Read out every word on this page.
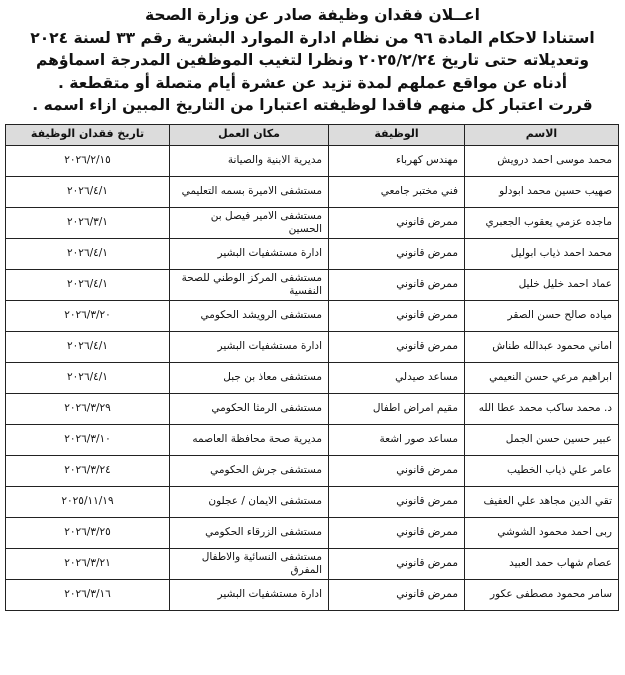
اعــلان فقدان وظيفة صادر عن وزارة الصحة
استنادا لاحكام المادة ٩٦ من نظام ادارة الموارد البشرية رقم ٣٣ لسنة ٢٠٢٤
وتعديلاته حتى تاريخ ٢٠٢٥/٢/٢٤ ونظرا لتغيب الموظفين المدرجة اسماؤهم
أدناه عن مواقع عملهم لمدة تزيد عن عشرة أيام متصلة أو متقطعة .
قررت اعتبار كل منهم فاقدا لوظيفته اعتبارا من التاريخ المبين ازاء اسمه .
الاسم	الوظيفة	مكان العمل	تاريخ فقدان الوظيفة
محمد موسى احمد درويش	مهندس كهرباء	مديرية الابنية والصيانة	٢٠٢٦/٢/١٥
صهيب حسين محمد ابودلو	فني مختبر جامعي	مستشفى الاميرة بسمه التعليمي	٢٠٢٦/٤/١
ماجده عزمي يعقوب الجعبري	ممرض قانوني	مستشفى الامير فيصل بن الحسين	٢٠٢٦/٣/١
محمد احمد ذياب ابوليل	ممرض قانوني	ادارة مستشفيات البشير	٢٠٢٦/٤/١
عماد احمد خليل خليل	ممرض قانوني	مستشفى المركز الوطني للصحة النفسية	٢٠٢٦/٤/١
مياده صالح حسن الصقر	ممرض قانوني	مستشفى الرويشد الحكومي	٢٠٢٦/٣/٢٠
اماني محمود عبدالله طناش	ممرض قانوني	ادارة مستشفيات البشير	٢٠٢٦/٤/١
ابراهيم مرعي حسن النعيمي	مساعد صيدلي	مستشفى معاذ بن جبل	٢٠٢٦/٤/١
د. محمد ساكب محمد عطا الله	مقيم امراض اطفال	مستشفى الرمثا الحكومي	٢٠٢٦/٣/٢٩
عبير حسين حسن الجمل	مساعد صور اشعة	مديرية صحة محافظة العاصمه	٢٠٢٦/٣/١٠
عامر علي ذياب الخطيب	ممرض قانوني	مستشفى جرش الحكومي	٢٠٢٦/٣/٢٤
تقي الدين مجاهد علي العفيف	ممرض قانوني	مستشفى الايمان / عجلون	٢٠٢٥/١١/١٩
ربى احمد محمود الشوشي	ممرض قانوني	مستشفى الزرقاء الحكومي	٢٠٢٦/٣/٢٥
عصام شهاب حمد العبيد	ممرض قانوني	مستشفى النسائية والاطفال المفرق	٢٠٢٦/٣/٢١
سامر محمود مصطفى عكور	ممرض قانوني	ادارة مستشفيات البشير	٢٠٢٦/٣/١٦
